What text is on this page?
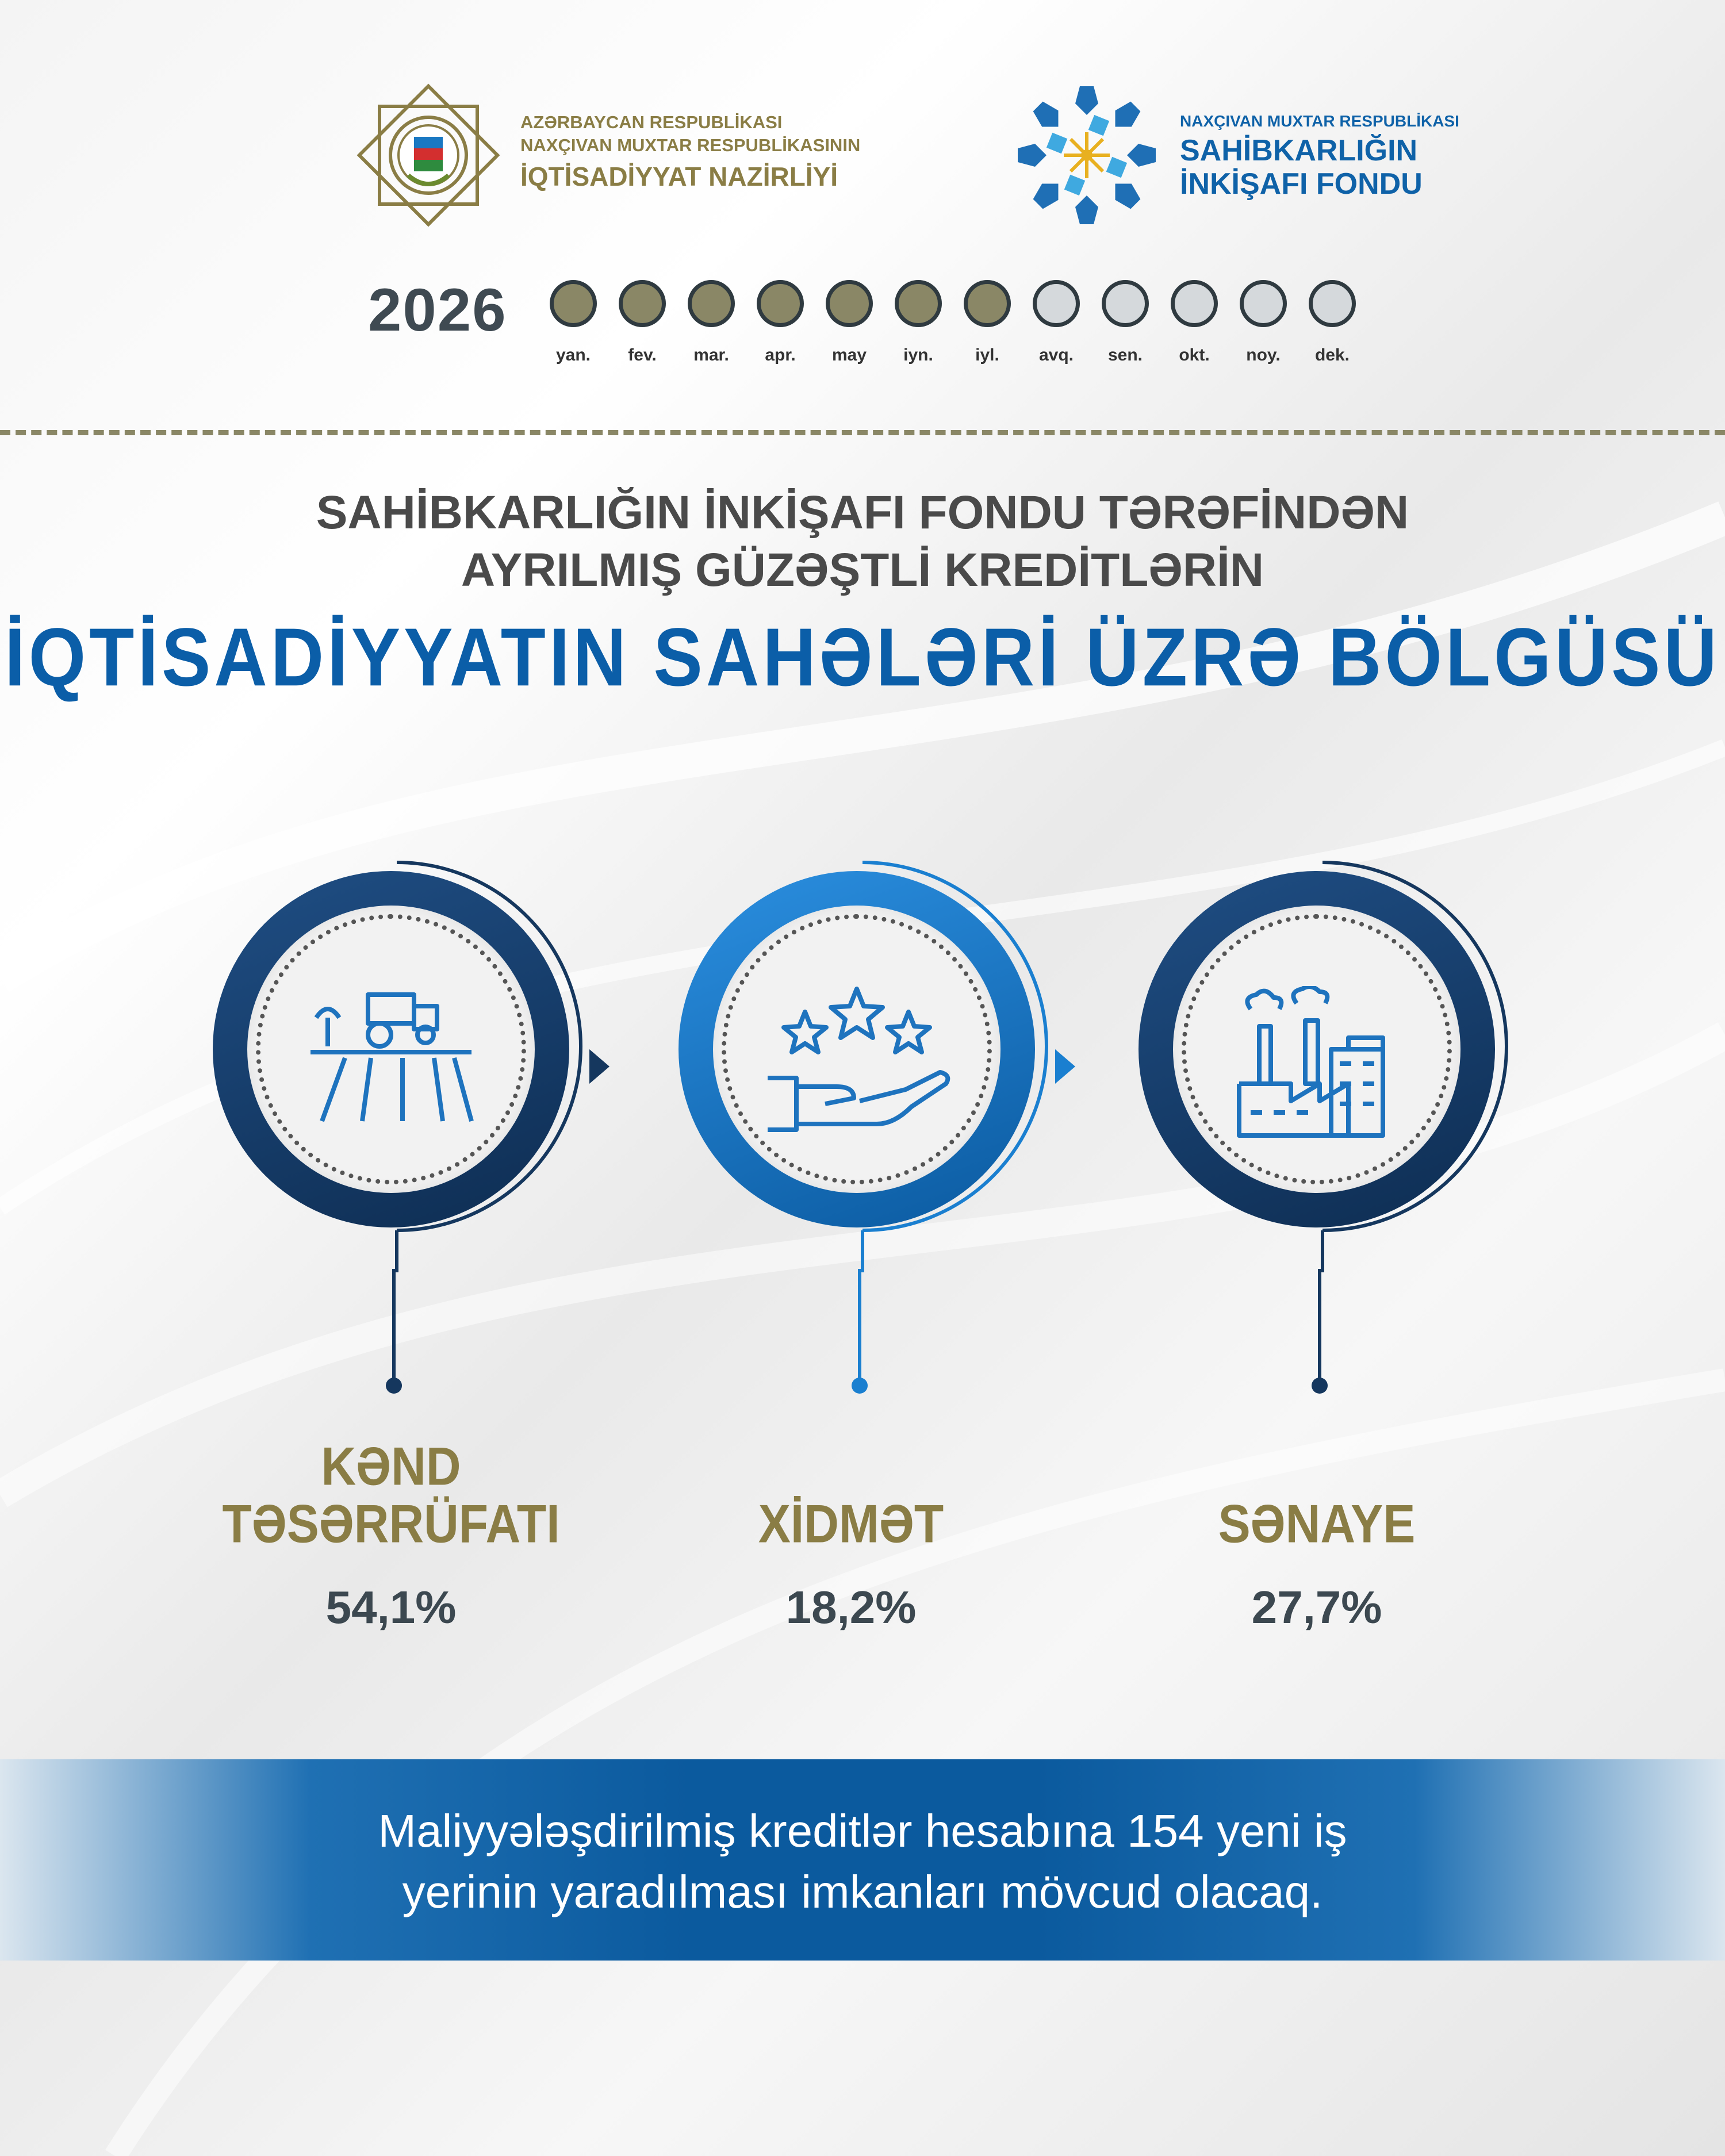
AZƏRBAYCAN RESPUBLİKASI
NAXÇIVAN MUXTAR RESPUBLİKASININ
İQTİSADİYYAT NAZİRLİYİ
NAXÇIVAN MUXTAR RESPUBLİKASI
SAHİBKARLIĞIN
İNKİŞAFI FONDU
2026
yan.	fev.	mar.	apr.	may	iyn.	iyl.	avq.	sen.	okt.	noy.	dek.
SAHİBKARLIĞIN İNKİŞAFI FONDU TƏRƏFİNDƏN
AYRILMIŞ GÜZƏŞTLİ KREDİTLƏRİN
İQTİSADİYYATIN SAHƏLƏRİ ÜZRƏ BÖLGÜSÜ
KƏND
TƏSƏRRÜFATI
54,1%
XİDMƏT
18,2%
SƏNAYE
27,7%
Maliyyələşdirilmiş kreditlər hesabına 154 yeni iş
yerinin yaradılması imkanları mövcud olacaq.
